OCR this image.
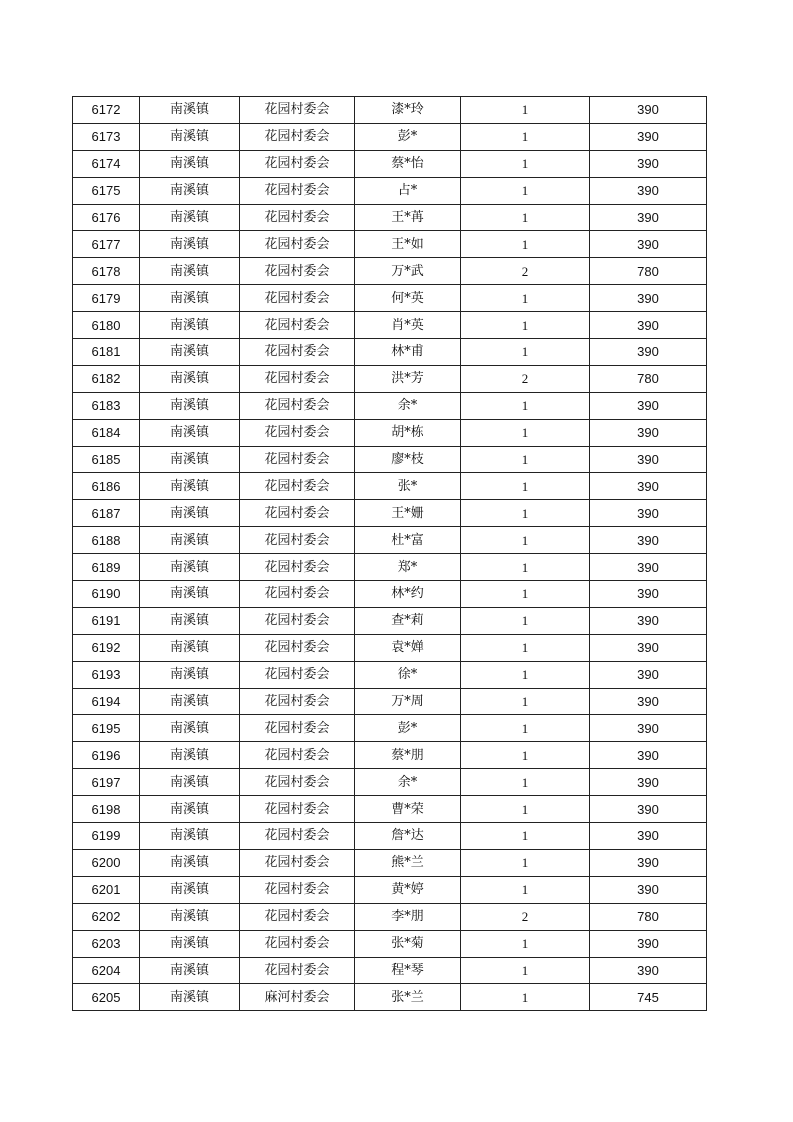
6172	南溪镇	花园村委会	漆*玲	1	390
6173	南溪镇	花园村委会	彭*	1	390
6174	南溪镇	花园村委会	蔡*怡	1	390
6175	南溪镇	花园村委会	占*	1	390
6176	南溪镇	花园村委会	王*苒	1	390
6177	南溪镇	花园村委会	王*如	1	390
6178	南溪镇	花园村委会	万*武	2	780
6179	南溪镇	花园村委会	何*英	1	390
6180	南溪镇	花园村委会	肖*英	1	390
6181	南溪镇	花园村委会	林*甫	1	390
6182	南溪镇	花园村委会	洪*芳	2	780
6183	南溪镇	花园村委会	余*	1	390
6184	南溪镇	花园村委会	胡*栋	1	390
6185	南溪镇	花园村委会	廖*枝	1	390
6186	南溪镇	花园村委会	张*	1	390
6187	南溪镇	花园村委会	王*姗	1	390
6188	南溪镇	花园村委会	杜*富	1	390
6189	南溪镇	花园村委会	郑*	1	390
6190	南溪镇	花园村委会	林*约	1	390
6191	南溪镇	花园村委会	查*莉	1	390
6192	南溪镇	花园村委会	袁*婵	1	390
6193	南溪镇	花园村委会	徐*	1	390
6194	南溪镇	花园村委会	万*周	1	390
6195	南溪镇	花园村委会	彭*	1	390
6196	南溪镇	花园村委会	蔡*朋	1	390
6197	南溪镇	花园村委会	余*	1	390
6198	南溪镇	花园村委会	曹*荣	1	390
6199	南溪镇	花园村委会	詹*达	1	390
6200	南溪镇	花园村委会	熊*兰	1	390
6201	南溪镇	花园村委会	黄*婷	1	390
6202	南溪镇	花园村委会	李*朋	2	780
6203	南溪镇	花园村委会	张*菊	1	390
6204	南溪镇	花园村委会	程*琴	1	390
6205	南溪镇	麻河村委会	张*兰	1	745
